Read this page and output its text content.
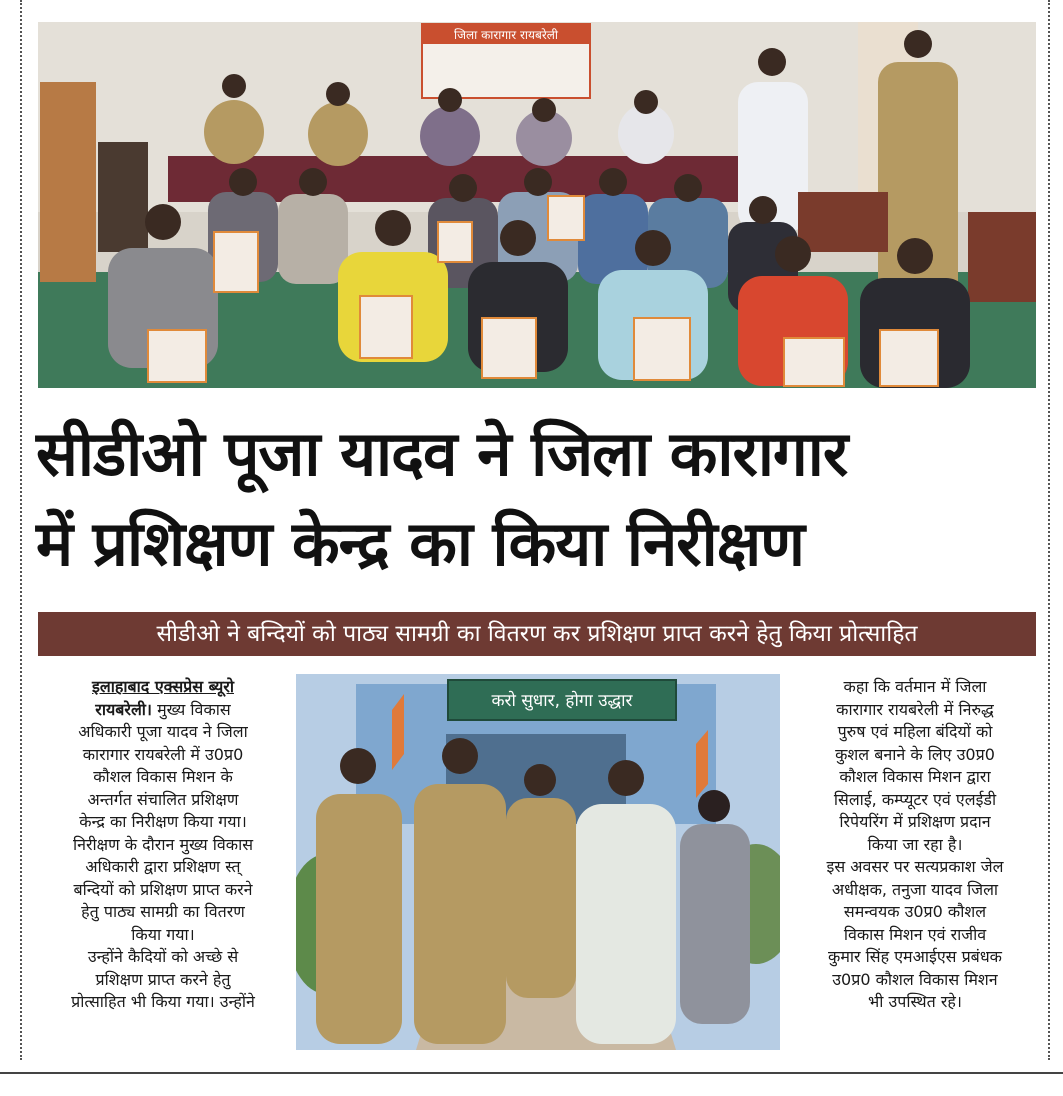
जिला कारागार रायबरेली
सीडीओ पूजा यादव ने जिला कारागार
में प्रशिक्षण केन्द्र का किया निरीक्षण
सीडीओ ने बन्दियों को पाठ्य सामग्री का वितरण कर प्रशिक्षण प्राप्त करने हेतु किया प्रोत्साहित

इलाहाबाद एक्सप्रेस ब्यूरो

रायबरेली। मुख्य विकास

अधिकारी पूजा यादव ने जिला

कारागार रायबरेली में उ0प्र0

कौशल विकास मिशन के

अन्तर्गत संचालित प्रशिक्षण

केन्द्र का निरीक्षण किया गया।

निरीक्षण के दौरान मुख्य विकास

अधिकारी द्वारा प्रशिक्षण स्त्

बन्दियों को प्रशिक्षण प्राप्त करने

हेतु पाठ्य सामग्री का वितरण

किया गया।

उन्होंने कैदियों को अच्छे से

प्रशिक्षण प्राप्त करने हेतु

प्रोत्साहित भी किया गया। उन्होंने

करो सुधार, होगा उद्धार

कहा कि वर्तमान में जिला

कारागार रायबरेली में निरुद्ध

पुरुष एवं महिला बंदियों को

कुशल बनाने के लिए उ0प्र0

कौशल विकास मिशन द्वारा

सिलाई, कम्प्यूटर एवं एलईडी

रिपेयरिंग में प्रशिक्षण प्रदान

किया जा रहा है।

इस अवसर पर सत्यप्रकाश जेल

अधीक्षक, तनुजा यादव जिला

समन्वयक उ0प्र0 कौशल

विकास मिशन एवं राजीव

कुमार सिंह एमआईएस प्रबंधक

उ0प्र0 कौशल विकास मिशन

भी उपस्थित रहे।
